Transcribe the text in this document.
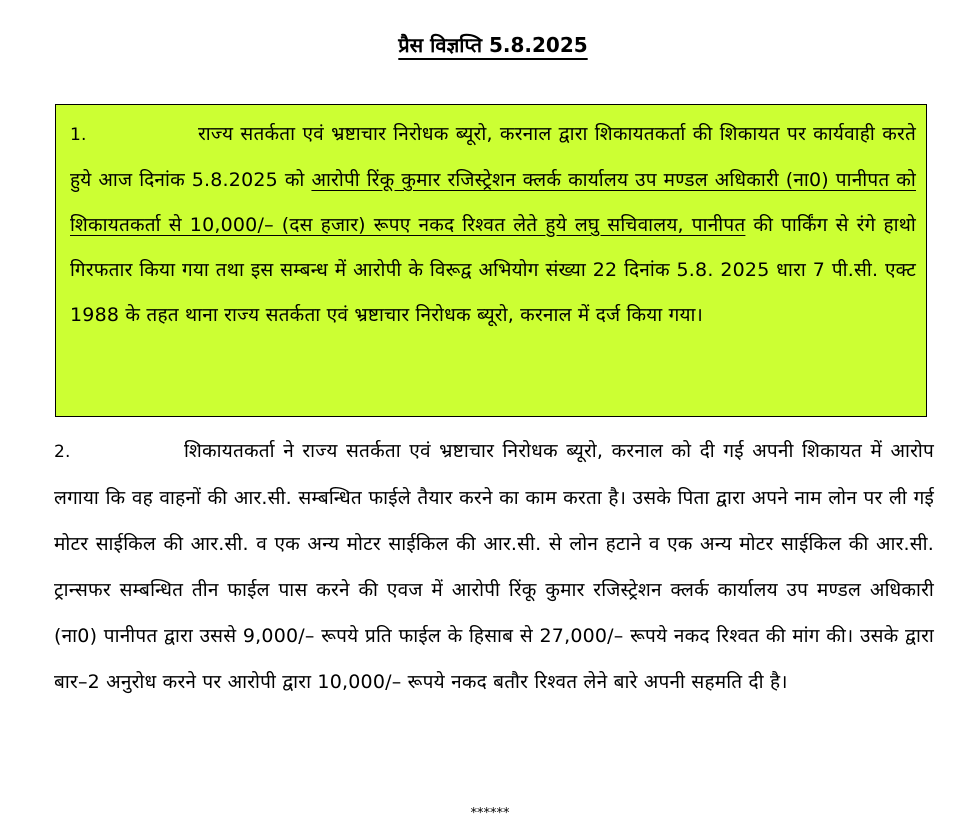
प्रैस विज्ञप्ति 5.8.2025
1.	राज्य सतर्कता एवं भ्रष्टाचार निरोधक ब्यूरो, करनाल द्वारा शिकायतकर्ता की शिकायत पर कार्यवाही करते हुये आज दिनांक 5.8.2025 को आरोपी रिंकू कुमार रजिस्ट्रेशन क्लर्क कार्यालय उप मण्डल अधिकारी (ना0) पानीपत को शिकायतकर्ता से 10,000/– (दस हजार) रूपए नकद रिश्वत लेते हुये लघु सचिवालय, पानीपत की पार्किंग से रंगे हाथो गिरफतार किया गया तथा इस सम्बन्ध में आरोपी के विरूद्व अभियोग संख्या 22 दिनांक 5.8. 2025 धारा 7 पी.सी. एक्ट 1988 के तहत थाना राज्य सतर्कता एवं भ्रष्टाचार निरोधक ब्यूरो, करनाल में दर्ज किया गया।
2.	शिकायतकर्ता ने राज्य सतर्कता एवं भ्रष्टाचार निरोधक ब्यूरो, करनाल को दी गई अपनी शिकायत में आरोप लगाया कि वह वाहनों की आर.सी. सम्बन्धित फाईले तैयार करने का काम करता है। उसके पिता द्वारा अपने नाम लोन पर ली गई मोटर साईकिल की आर.सी. व एक अन्य मोटर साईकिल की आर.सी. से लोन हटाने व एक अन्य मोटर साईकिल की आर.सी. ट्रान्सफर सम्बन्धित तीन फाईल पास करने की एवज में आरोपी रिंकू कुमार रजिस्ट्रेशन क्लर्क कार्यालय उप मण्डल अधिकारी (ना0) पानीपत द्वारा उससे 9,000/– रूपये प्रति फाईल के हिसाब से 27,000/– रूपये नकद रिश्वत की मांग की। उसके द्वारा बार–2 अनुरोध करने पर आरोपी द्वारा 10,000/– रूपये नकद बतौर रिश्वत लेने बारे अपनी सहमति दी है।
******
